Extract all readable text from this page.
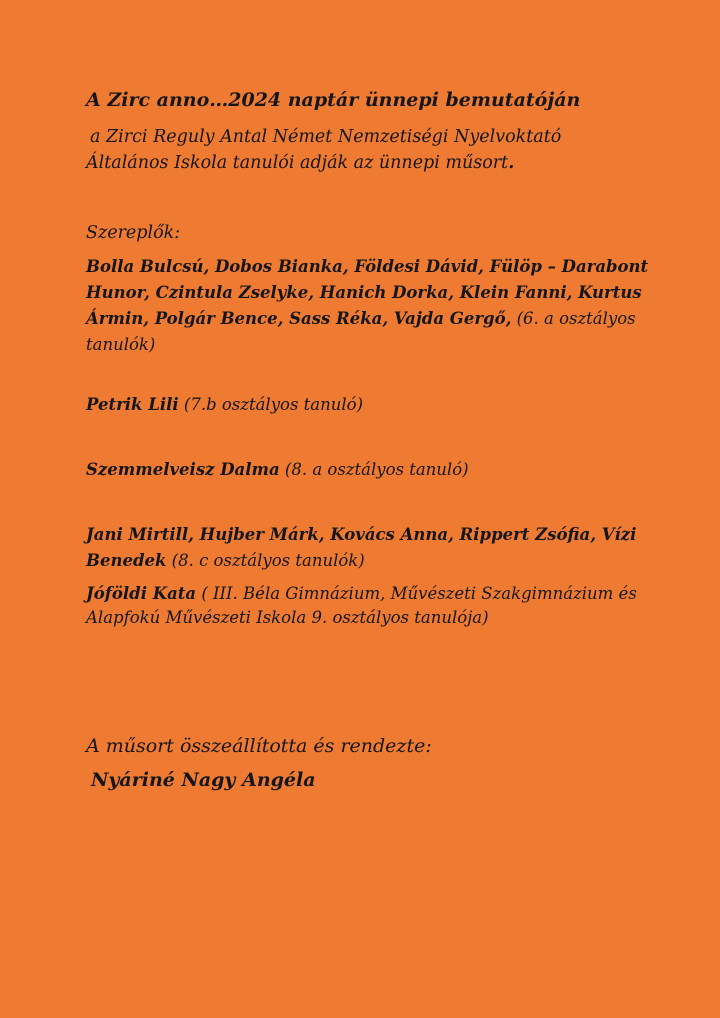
A Zirc anno…2024 naptár ünnepi bemutatóján
a Zirci Reguly Antal Német Nemzetiségi Nyelvoktató
Általános Iskola tanulói adják az ünnepi műsort.
Szereplők:
Bolla Bulcsú, Dobos Bianka, Földesi Dávid, Fülöp – Darabont Hunor, Czintula Zselyke, Hanich Dorka, Klein Fanni, Kurtus Ármin, Polgár Bence, Sass Réka, Vajda Gergő, (6. a osztályos tanulók)
Petrik Lili (7.b osztályos tanuló)
Szemmelveisz Dalma (8. a osztályos tanuló)
Jani Mirtill, Hujber Márk, Kovács Anna, Rippert Zsófia, Vízi Benedek (8. c osztályos tanulók)
Jóföldi Kata ( III. Béla Gimnázium, Művészeti Szakgimnázium és Alapfokú Művészeti Iskola 9. osztályos tanulója)
A műsort összeállította és rendezte:
Nyáriné Nagy Angéla
